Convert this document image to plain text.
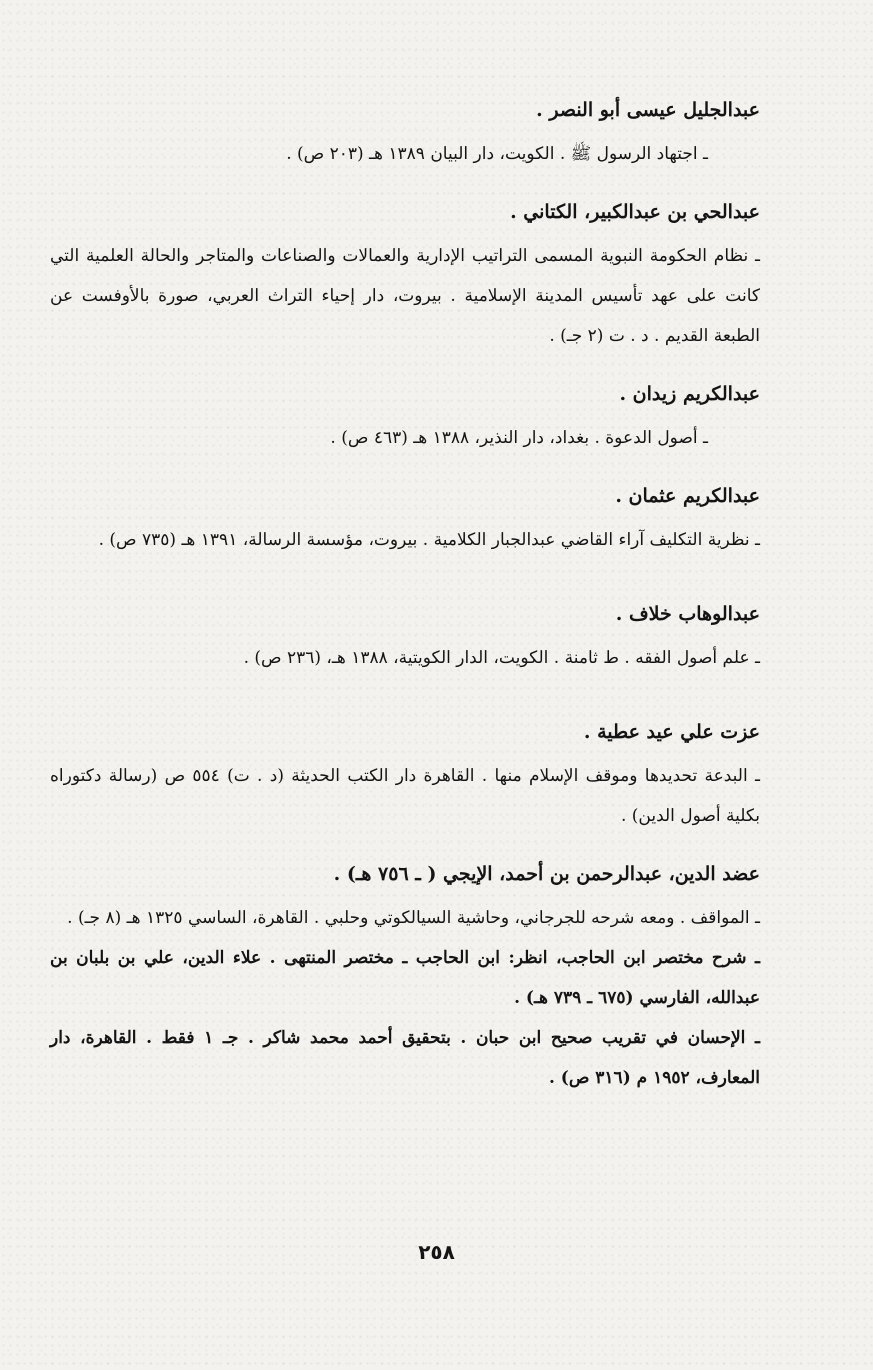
عبدالجليل عيسى أبو النصر .
ـ اجتهاد الرسول ﷺ . الكويت، دار البيان ١٣٨٩ هـ (٢٠٣ ص) .
عبدالحي بن عبدالكبير، الكتاني .
ـ نظام الحكومة النبوية المسمى التراتيب الإدارية والعمالات والصناعات والمتاجر والحالة العلمية التي كانت على عهد تأسيس المدينة الإسلامية . بيروت، دار إحياء التراث العربي، صورة بالأوفست عن الطبعة القديم . د . ت (٢ جـ) .
عبدالكريم زيدان .
ـ أصول الدعوة . بغداد، دار النذير، ١٣٨٨ هـ (٤٦٣ ص) .
عبدالكريم عثمان .
ـ نظرية التكليف آراء القاضي عبدالجبار الكلامية . بيروت، مؤسسة الرسالة، ١٣٩١ هـ (٧٣٥ ص) .
عبدالوهاب خلاف .
ـ علم أصول الفقه . ط ثامنة . الكويت، الدار الكويتية، ١٣٨٨ هـ، (٢٣٦ ص) .
عزت علي عيد عطية .
ـ البدعة تحديدها وموقف الإسلام منها . القاهرة دار الكتب الحديثة (د . ت) ٥٥٤ ص (رسالة دكتوراه بكلية أصول الدين) .
عضد الدين، عبدالرحمن بن أحمد، الإيجي ( ـ ٧٥٦ هـ) .
ـ المواقف . ومعه شرحه للجرجاني، وحاشية السيالكوتي وحلبي . القاهرة، الساسي ١٣٢٥ هـ (٨ جـ) .
ـ شرح مختصر ابن الحاجب، انظر: ابن الحاجب ـ مختصر المنتهى . علاء الدين، علي بن بلبان بن عبدالله، الفارسي (٦٧٥ ـ ٧٣٩ هـ) .
ـ الإحسان في تقريب صحيح ابن حبان . بتحقيق أحمد محمد شاكر . جـ ١ فقط . القاهرة، دار المعارف، ١٩٥٢ م (٣١٦ ص) .
٢٥٨
